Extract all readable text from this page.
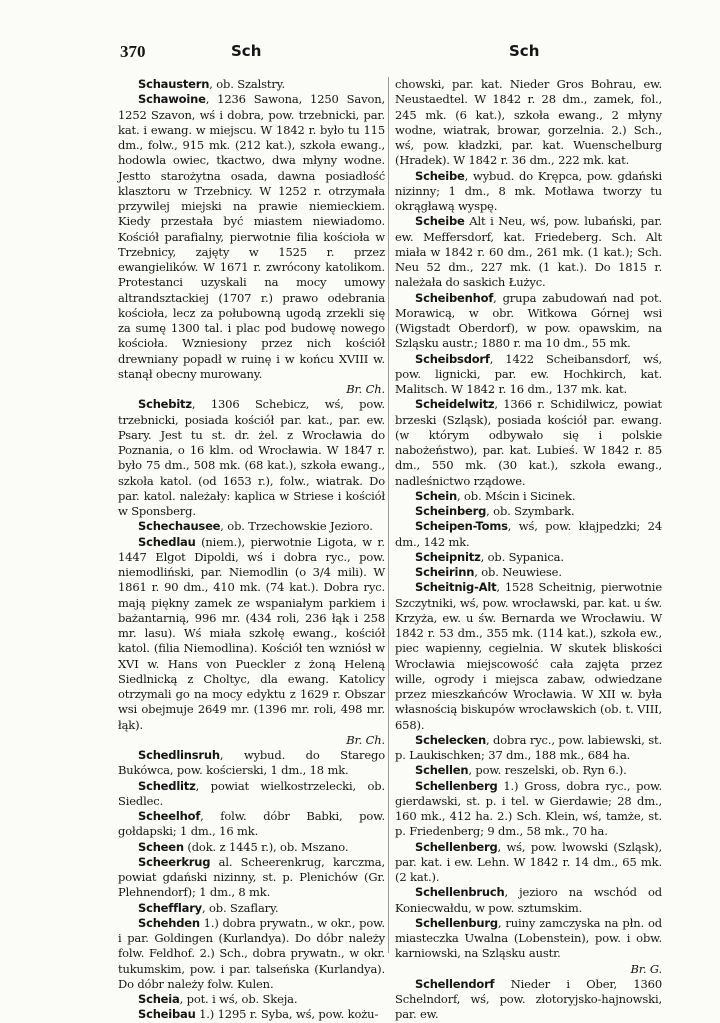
370	Sch	Sch
Schaustern, ob. Szalstry.
Schawoine, 1236 Sawona, 1250 Savon, 1252 Szavon, wś i dobra, pow. trzebnicki, par. kat. i ewang. w miejscu. W 1842 r. było tu 115 dm., folw., 915 mk. (212 kat.), szkoła ewang., hodowla owiec, tkactwo, dwa młyny wodne. Jestto starożytna osada, dawna posiadłość klasztoru w Trzebnicy. W 1252 r. otrzymała przywilej miejski na prawie niemieckiem. Kiedy przestała być miastem niewiadomo. Kościół parafialny, pierwotnie filia kościoła w Trzebnicy, zajęty w 1525 r. przez ewangielików. W 1671 r. zwrócony katolikom. Protestanci uzyskali na mocy umowy altrandsztackiej (1707 r.) prawo odebrania kościoła, lecz za połubowną ugodą zrzekli się za sumę 1300 tal. i plac pod budowę nowego kościoła. Wzniesiony przez nich kościół drewniany popadł w ruinę i w końcu XVIII w. stanął obecny murowany.
Br. Ch.
Schebitz, 1306 Schebicz, wś, pow. trzebnicki, posiada kościół par. kat., par. ew. Psary. Jest tu st. dr. żel. z Wrocławia do Poznania, o 16 klm. od Wrocławia. W 1847 r. było 75 dm., 508 mk. (68 kat.), szkoła ewang., szkoła katol. (od 1653 r.), folw., wiatrak. Do par. katol. należały: kaplica w Striese i kościół w Sponsberg.
Schechausee, ob. Trzechowskie Jezioro.
Schedlau (niem.), pierwotnie Ligota, w r. 1447 Elgot Dipoldi, wś i dobra ryc., pow. niemodliński, par. Niemodlin (o 3/4 mili). W 1861 r. 90 dm., 410 mk. (74 kat.). Dobra ryc. mają piękny zamek ze wspaniałym parkiem i bażantarnią, 996 mr. (434 roli, 236 łąk i 258 mr. lasu). Wś miała szkołę ewang., kościół katol. (filia Niemodlina). Kościół ten wzniósł w XVI w. Hans von Pueckler z żoną Heleną Siedlnicką z Choltyc, dla ewang. Katolicy otrzymali go na mocy edyktu z 1629 r. Obszar wsi obejmuje 2649 mr. (1396 mr. roli, 498 mr. łąk).
Br. Ch.
Schedlinsruh, wybud. do Starego Bukówca, pow. kościerski, 1 dm., 18 mk.
Schedlitz, powiat wielkostrzelecki, ob. Siedlec.
Scheelhof, folw. dóbr Babki, pow. gołdapski; 1 dm., 16 mk.
Scheen (dok. z 1445 r.), ob. Mszano.
Scheerkrug al. Scheerenkrug, karczma, powiat gdański nizinny, st. p. Plenichów (Gr. Plehnendorf); 1 dm., 8 mk.
Schefflary, ob. Szaflary.
Schehden 1.) dobra prywatn., w okr., pow. i par. Goldingen (Kurlandya). Do dóbr należy folw. Feldhof. 2.) Sch., dobra prywatn., w okr. tukumskim, pow. i par. talseńska (Kurlandya). Do dóbr należy folw. Kulen.
Scheia, pot. i wś, ob. Skeja.
Scheibau 1.) 1295 r. Syba, wś, pow. kożu-
chowski, par. kat. Nieder Gros Bohrau, ew. Neustaedtel. W 1842 r. 28 dm., zamek, fol., 245 mk. (6 kat.), szkoła ewang., 2 młyny wodne, wiatrak, browar, gorzelnia. 2.) Sch., wś, pow. kładzki, par. kat. Wuenschelburg (Hradek). W 1842 r. 36 dm., 222 mk. kat.
Scheibe, wybud. do Krępca, pow. gdański nizinny; 1 dm., 8 mk. Motława tworzy tu okrągławą wyspę.
Scheibe Alt i Neu, wś, pow. lubański, par. ew. Meffersdorf, kat. Friedeberg. Sch. Alt miała w 1842 r. 60 dm., 261 mk. (1 kat.); Sch. Neu 52 dm., 227 mk. (1 kat.). Do 1815 r. należała do saskich Łużyc.
Scheibenhof, grupa zabudowań nad pot. Morawicą, w obr. Witkowa Górnej wsi (Wigstadt Oberdorf), w pow. opawskim, na Szląsku austr.; 1880 r. ma 10 dm., 55 mk.
Scheibsdorf, 1422 Scheibansdorf, wś, pow. lignicki, par. ew. Hochkirch, kat. Malitsch. W 1842 r. 16 dm., 137 mk. kat.
Scheidelwitz, 1366 r. Schidilwicz, powiat brzeski (Szląsk), posiada kościół par. ewang. (w którym odbywało się i polskie nabożeństwo), par. kat. Lubieś. W 1842 r. 85 dm., 550 mk. (30 kat.), szkoła ewang., nadleśnictwo rządowe.
Schein, ob. Mścin i Sicinek.
Scheinberg, ob. Szymbark.
Scheipen-Toms, wś, pow. kłajpedzki; 24 dm., 142 mk.
Scheipnitz, ob. Sypanica.
Scheirinn, ob. Neuwiese.
Scheitnig-Alt, 1528 Scheitnig, pierwotnie Szczytniki, wś, pow. wrocławski, par. kat. u św. Krzyża, ew. u św. Bernarda we Wrocławiu. W 1842 r. 53 dm., 355 mk. (114 kat.), szkoła ew., piec wapienny, cegielnia. W skutek bliskości Wrocławia miejscowość cała zajęta przez wille, ogrody i miejsca zabaw, odwiedzane przez mieszkańców Wrocławia. W XII w. była własnością biskupów wrocławskich (ob. t. VIII, 658).
Schelecken, dobra ryc., pow. labiewski, st. p. Laukischken; 37 dm., 188 mk., 684 ha.
Schellen, pow. reszelski, ob. Ryn 6.).
Schellenberg 1.) Gross, dobra ryc., pow. gierdawski, st. p. i tel. w Gierdawie; 28 dm., 160 mk., 412 ha. 2.) Sch. Klein, wś, tamże, st. p. Friedenberg; 9 dm., 58 mk., 70 ha.
Schellenberg, wś, pow. lwowski (Szląsk), par. kat. i ew. Lehn. W 1842 r. 14 dm., 65 mk. (2 kat.).
Schellenbruch, jezioro na wschód od Koniecwałdu, w pow. sztumskim.
Schellenburg, ruiny zamczyska na płn. od miasteczka Uwalna (Lobenstein), pow. i obw. karniowski, na Szląsku austr.
Br. G.
Schellendorf Nieder i Ober, 1360 Schelndorf, wś, pow. złotoryjsko-hajnowski, par. ew.
